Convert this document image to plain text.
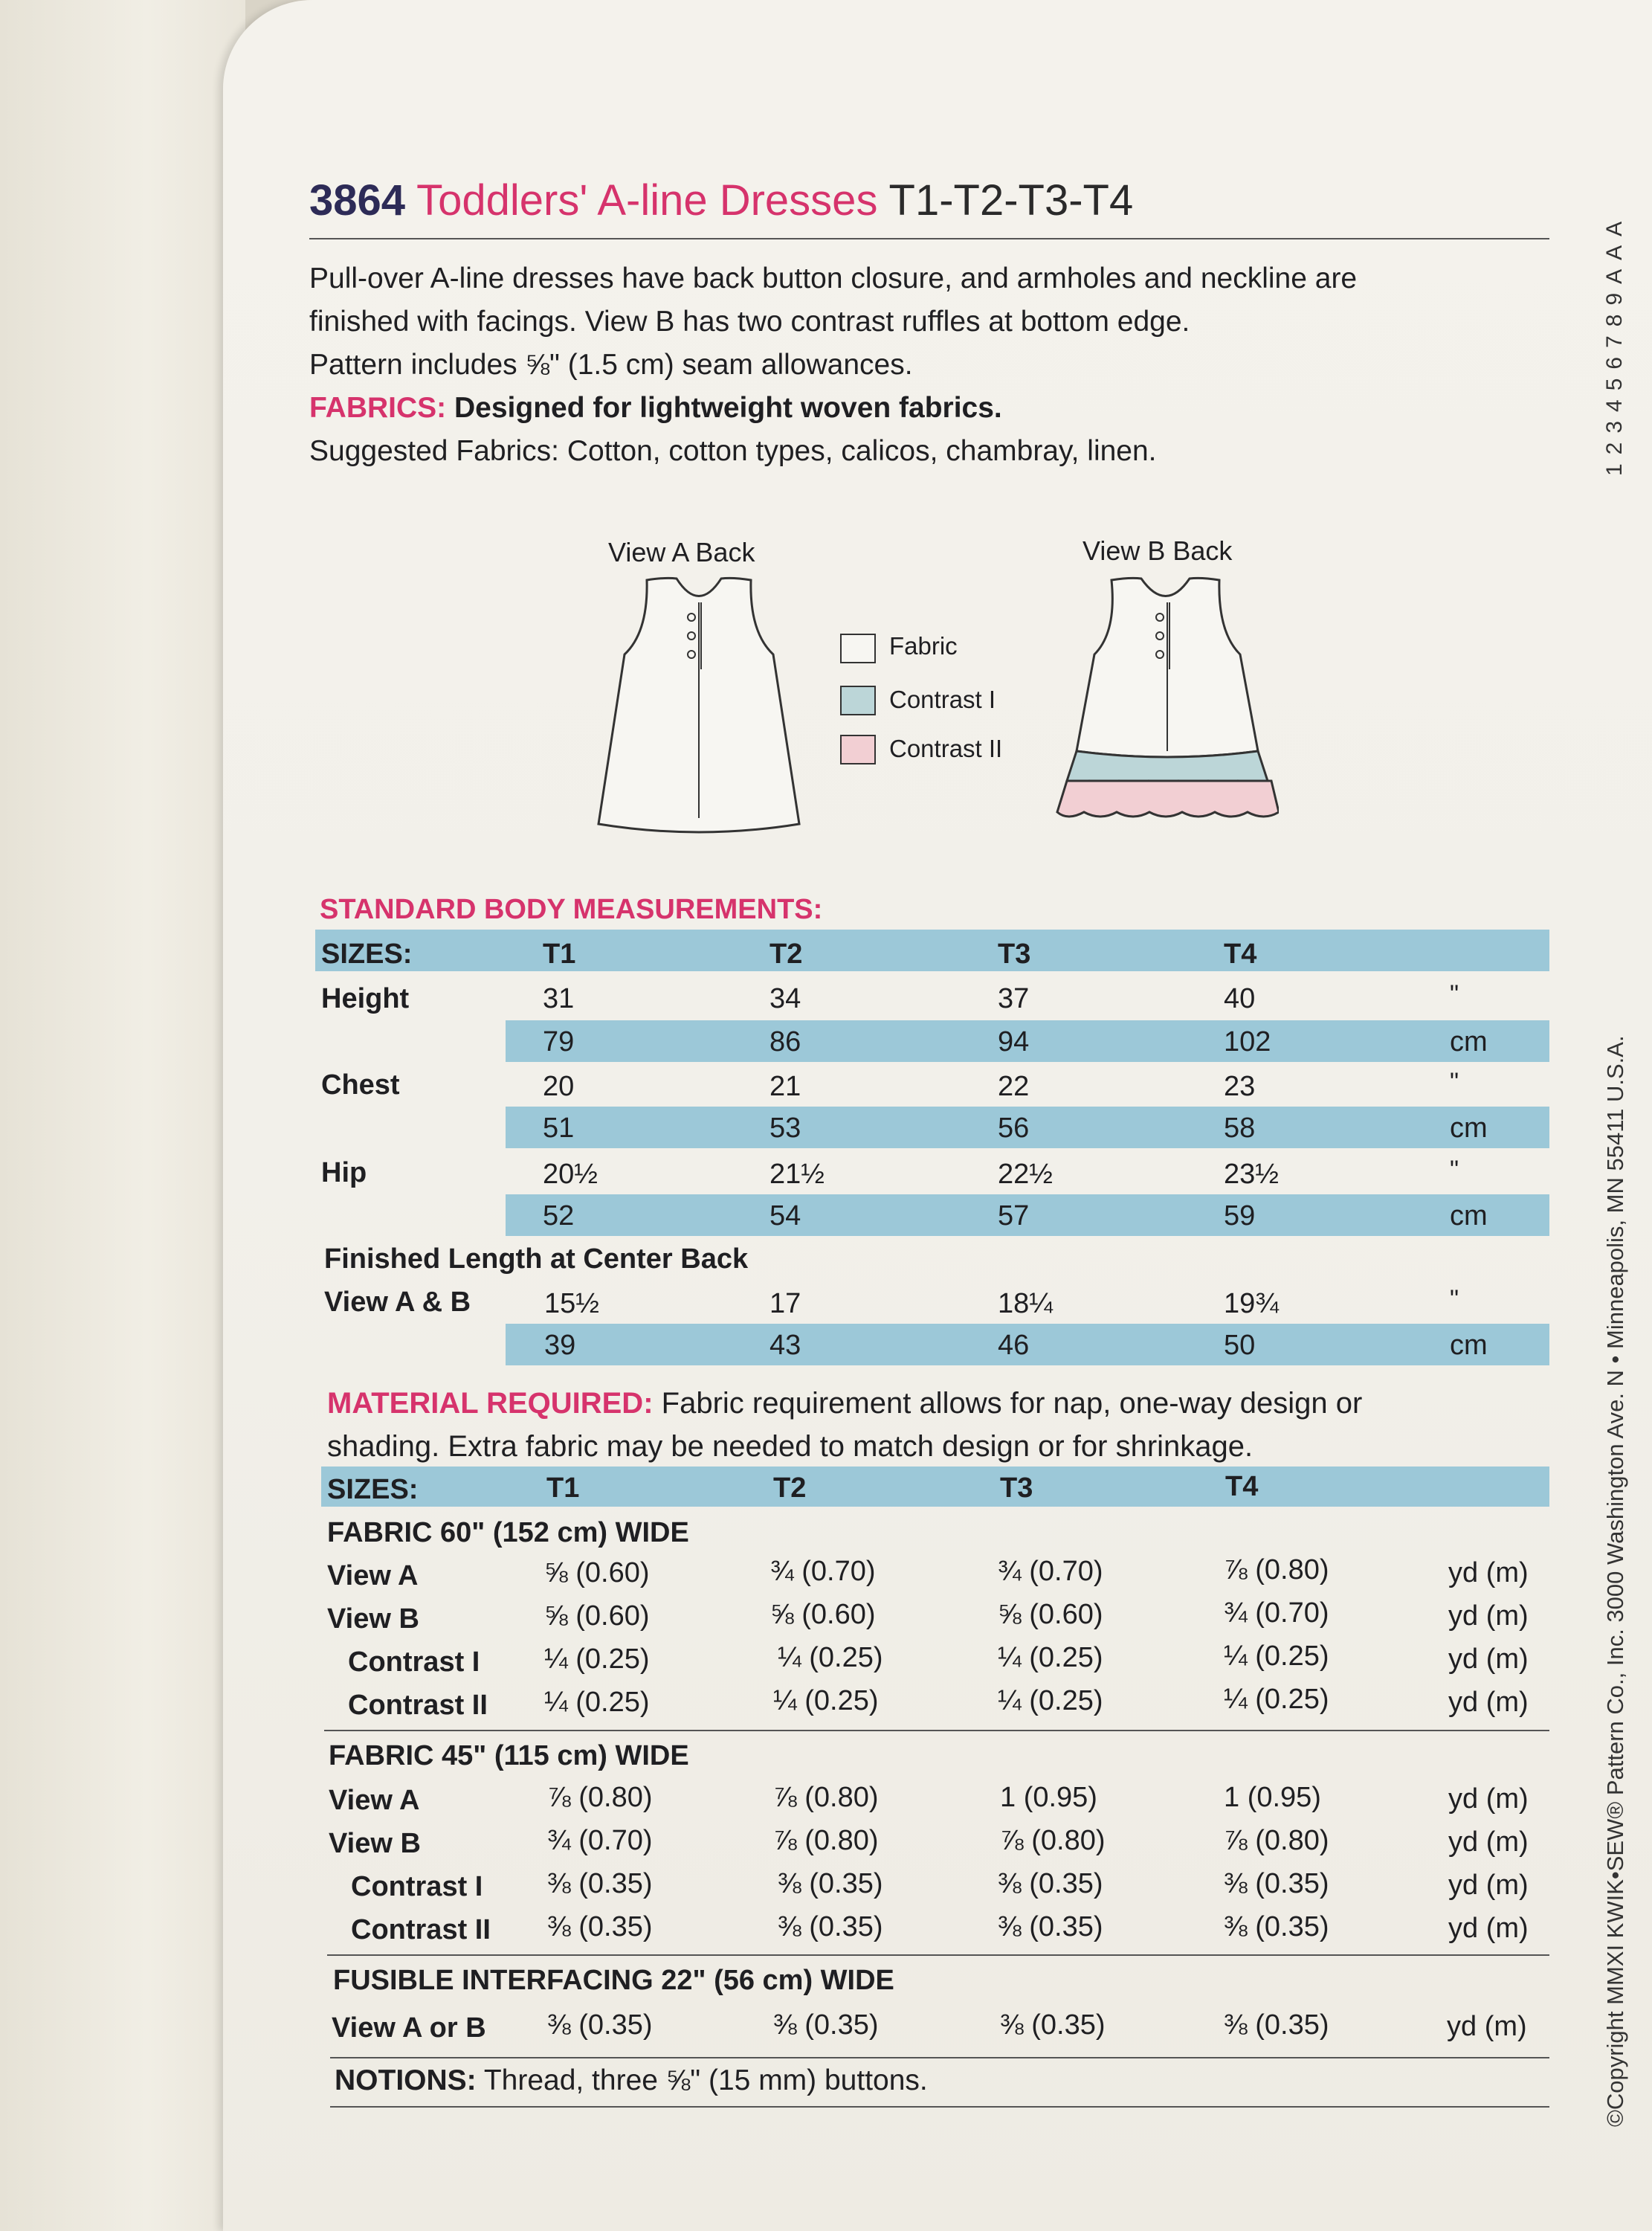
3864 Toddlers' A-line Dresses T1-T2-T3-T4
Pull-over A-line dresses have back button closure, and armholes and neckline are
finished with facings. View B has two contrast ruffles at bottom edge.
Pattern includes ⅝" (1.5 cm) seam allowances.
FABRICS: Designed for lightweight woven fabrics.
Suggested Fabrics: Cotton, cotton types, calicos, chambray, linen.
View A Back	View B Back
Fabric
Contrast I
Contrast II
STANDARD BODY MEASUREMENTS:
SIZES:	T1	T2	T3	T4
Height	31	34	37	40	"
79	86	94	102	cm
Chest	20	21	22	23	"
51	53	56	58	cm
Hip	20½	21½	22½	23½	"
52	54	57	59	cm
Finished Length at Center Back
View A & B	15½	17	18¼	19¾	"
39	43	46	50	cm
MATERIAL REQUIRED: Fabric requirement allows for nap, one-way design or
shading. Extra fabric may be needed to match design or for shrinkage.
SIZES:	T1	T2	T3	T4
FABRIC 60" (152 cm) WIDE
View A	⅝ (0.60)	¾ (0.70)	¾ (0.70)	⅞ (0.80)	yd (m)
View B	⅝ (0.60)	⅝ (0.60)	⅝ (0.60)	¾ (0.70)	yd (m)
Contrast I ¼ (0.25)	¼ (0.25)	¼ (0.25)	¼ (0.25)	yd (m)
Contrast II ¼ (0.25)	¼ (0.25)	¼ (0.25)	¼ (0.25)	yd (m)
FABRIC 45" (115 cm) WIDE
View A	⅞ (0.80)	⅞ (0.80)	1 (0.95)	1 (0.95)	yd (m)
View B	¾ (0.70)	⅞ (0.80)	⅞ (0.80)	⅞ (0.80)	yd (m)
Contrast I ⅜ (0.35)	⅜ (0.35)	⅜ (0.35)	⅜ (0.35)	yd (m)
Contrast II ⅜ (0.35)	⅜ (0.35)	⅜ (0.35)	⅜ (0.35)	yd (m)
FUSIBLE INTERFACING 22" (56 cm) WIDE
View A or B ⅜ (0.35)	⅜ (0.35)	⅜ (0.35)	⅜ (0.35)	yd (m)
NOTIONS: Thread, three ⅝" (15 mm) buttons.
123456789AAA
©Copyright MMXI KWIK•SEW® Pattern Co., Inc. 3000 Washington Ave. N • Minneapolis, MN 55411 U.S.A.
